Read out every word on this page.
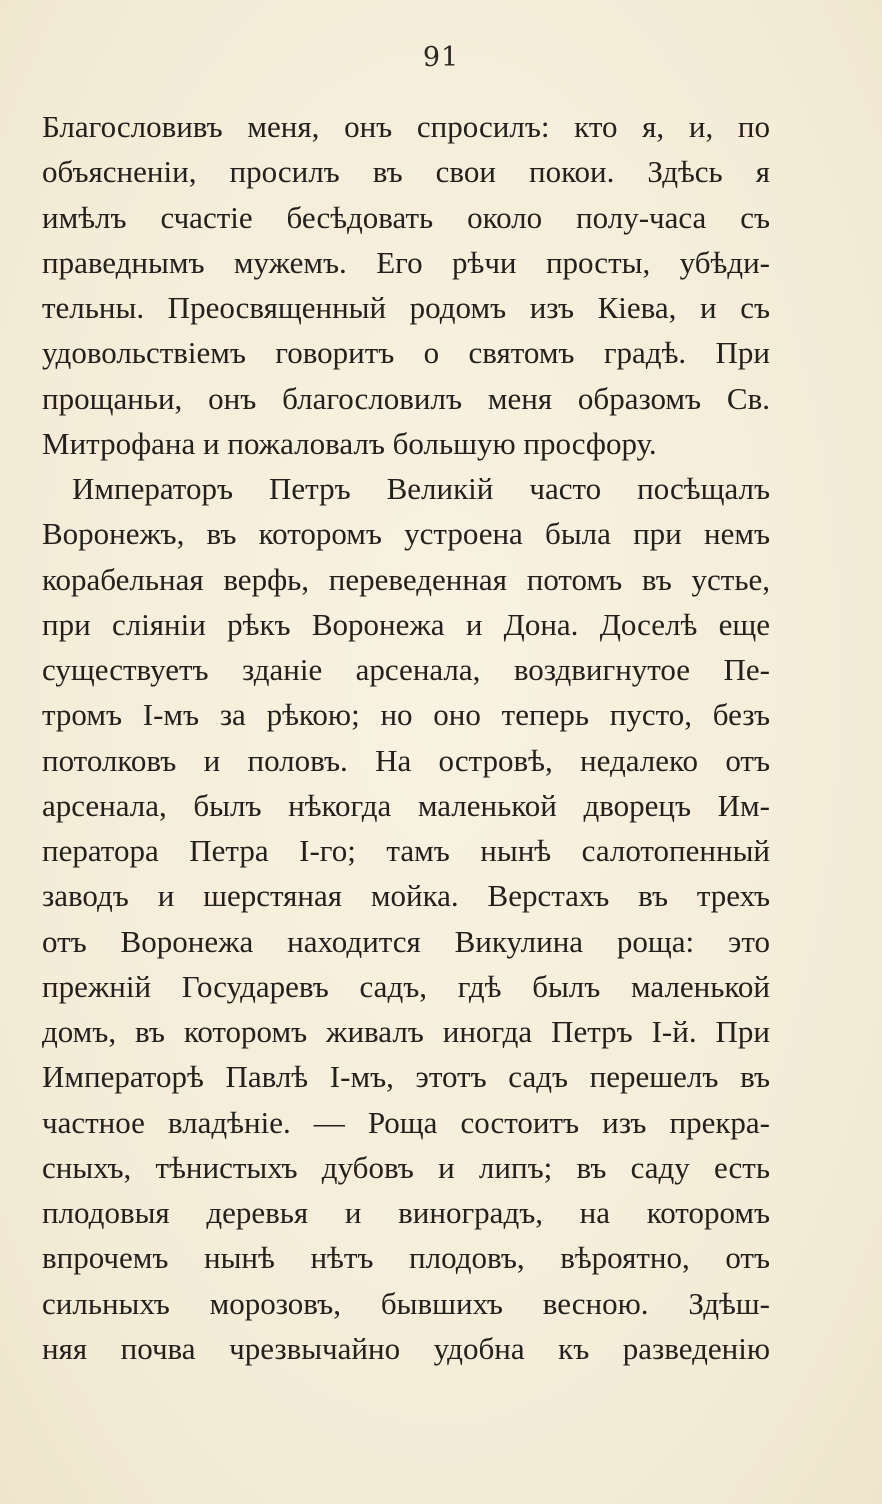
91
Благословивъ меня, онъ спросилъ: кто я, и, по
объясненіи, просилъ въ свои покои. Здѣсь я
имѣлъ счастіе бесѣдовать около полу-часа съ
праведнымъ мужемъ. Его рѣчи просты, убѣди-
тельны. Преосвященный родомъ изъ Кіева, и съ
удовольствіемъ говоритъ о святомъ градѣ. При
прощаньи, онъ благословилъ меня образомъ Св.
Митрофана и пожаловалъ большую просфору.
Императоръ Петръ Великій часто посѣщалъ
Воронежъ, въ которомъ устроена была при немъ
корабельная верфь, переведенная потомъ въ устье,
при сліяніи рѣкъ Воронежа и Дона. Доселѣ еще
существуетъ зданіе арсенала, воздвигнутое Пе-
тромъ І-мъ за рѣкою; но оно теперь пусто, безъ
потолковъ и половъ. На островѣ, недалеко отъ
арсенала, былъ нѣкогда маленькой дворецъ Им-
ператора Петра І-го; тамъ нынѣ салотопенный
заводъ и шерстяная мойка. Верстахъ въ трехъ
отъ Воронежа находится Викулина роща: это
прежній Государевъ садъ, гдѣ былъ маленькой
домъ, въ которомъ живалъ иногда Петръ І-й. При
Императорѣ Павлѣ І-мъ, этотъ садъ перешелъ въ
частное владѣніе. — Роща состоитъ изъ прекра-
сныхъ, тѣнистыхъ дубовъ и липъ; въ саду есть
плодовыя деревья и виноградъ, на которомъ
впрочемъ нынѣ нѣтъ плодовъ, вѣроятно, отъ
сильныхъ морозовъ, бывшихъ весною. Здѣш-
няя почва чрезвычайно удобна къ разведенію
